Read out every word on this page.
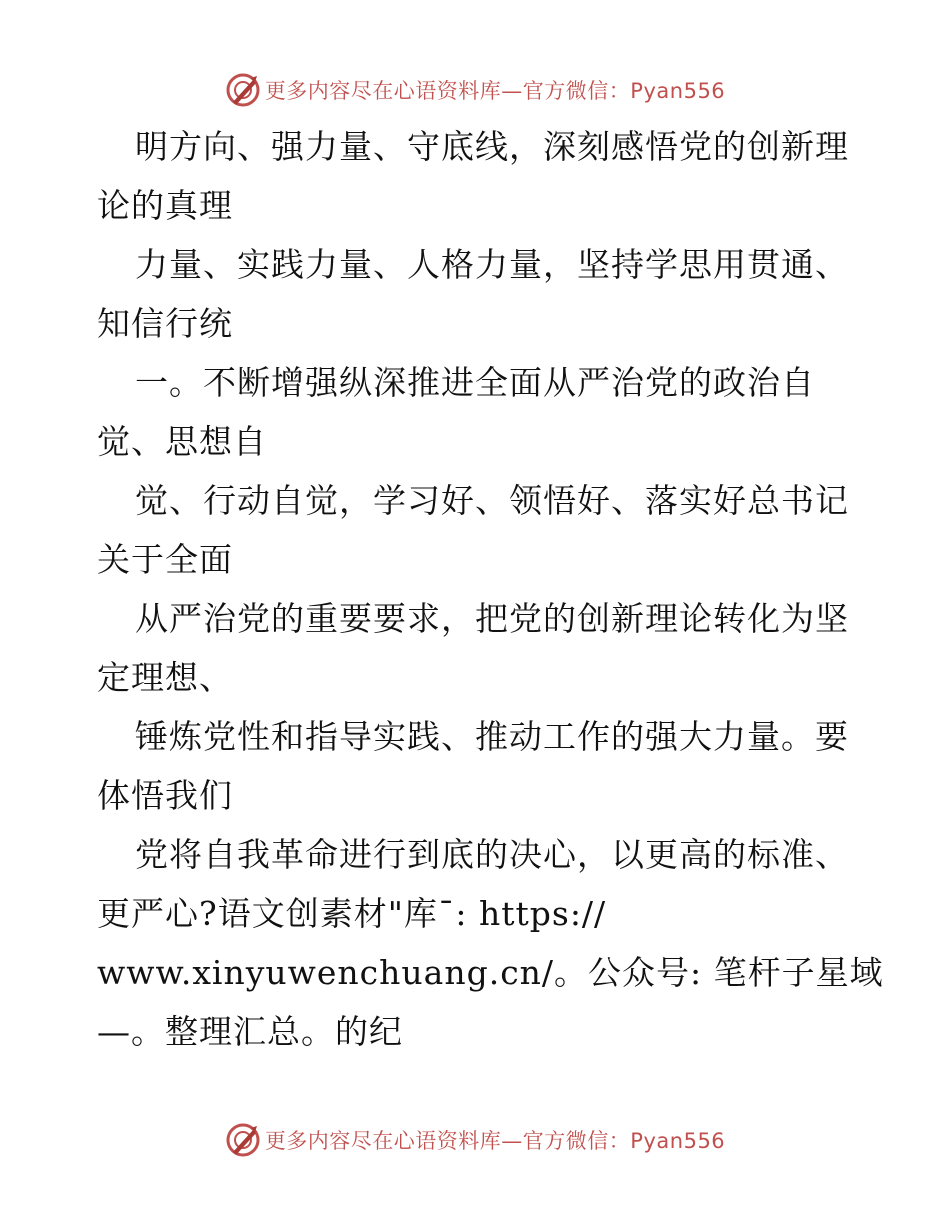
更多内容尽在心语资料库—官方微信：Pyan556
明方向、强力量、守底线，深刻感悟党的创新理
论的真理
力量、实践力量、人格力量，坚持学思用贯通、
知信行统
一。不断增强纵深推进全面从严治党的政治自
觉、思想自
觉、行动自觉，学习好、领悟好、落实好总书记
关于全面
从严治党的重要要求，把党的创新理论转化为坚
定理想、
锤炼党性和指导实践、推动工作的强大力量。要
体悟我们
党将自我革命进行到底的决心，以更高的标准、
更严心?语文创素材"库¯: https://
www.xinyuwenchuang.cn/。公众号: 笔杆子星域
—。整理汇总。的纪
更多内容尽在心语资料库—官方微信：Pyan556
